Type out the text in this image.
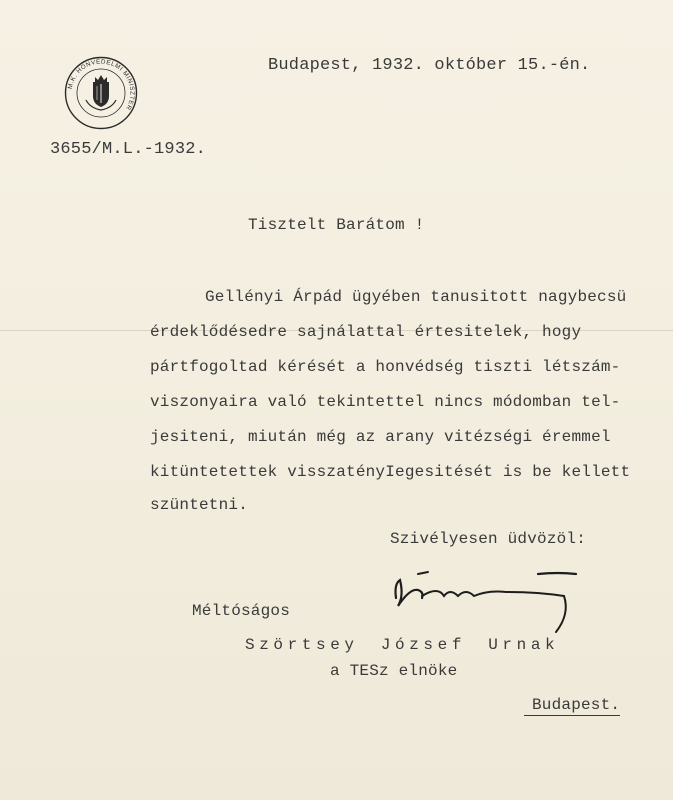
M.K. HONVÉDELMI MINISZTER
Budapest, 1932. október 15.-én.
3655/M.L.-1932.
Tisztelt Barátom !
Gellényi Árpád ügyében tanusitott nagybecsü
érdeklődésedre sajnálattal értesitelek, hogy
pártfogoltad kérését a honvédség tiszti létszám-
viszonyaira való tekintettel nincs módomban tel-
jesiteni, miután még az arany vitézségi éremmel
kitüntetettek visszatényIegesitését is be kellett
szüntetni.
Szivélyesen üdvözöl:
Méltóságos
Szörtsey József Urnak
a TESz elnöke
Budapest.
